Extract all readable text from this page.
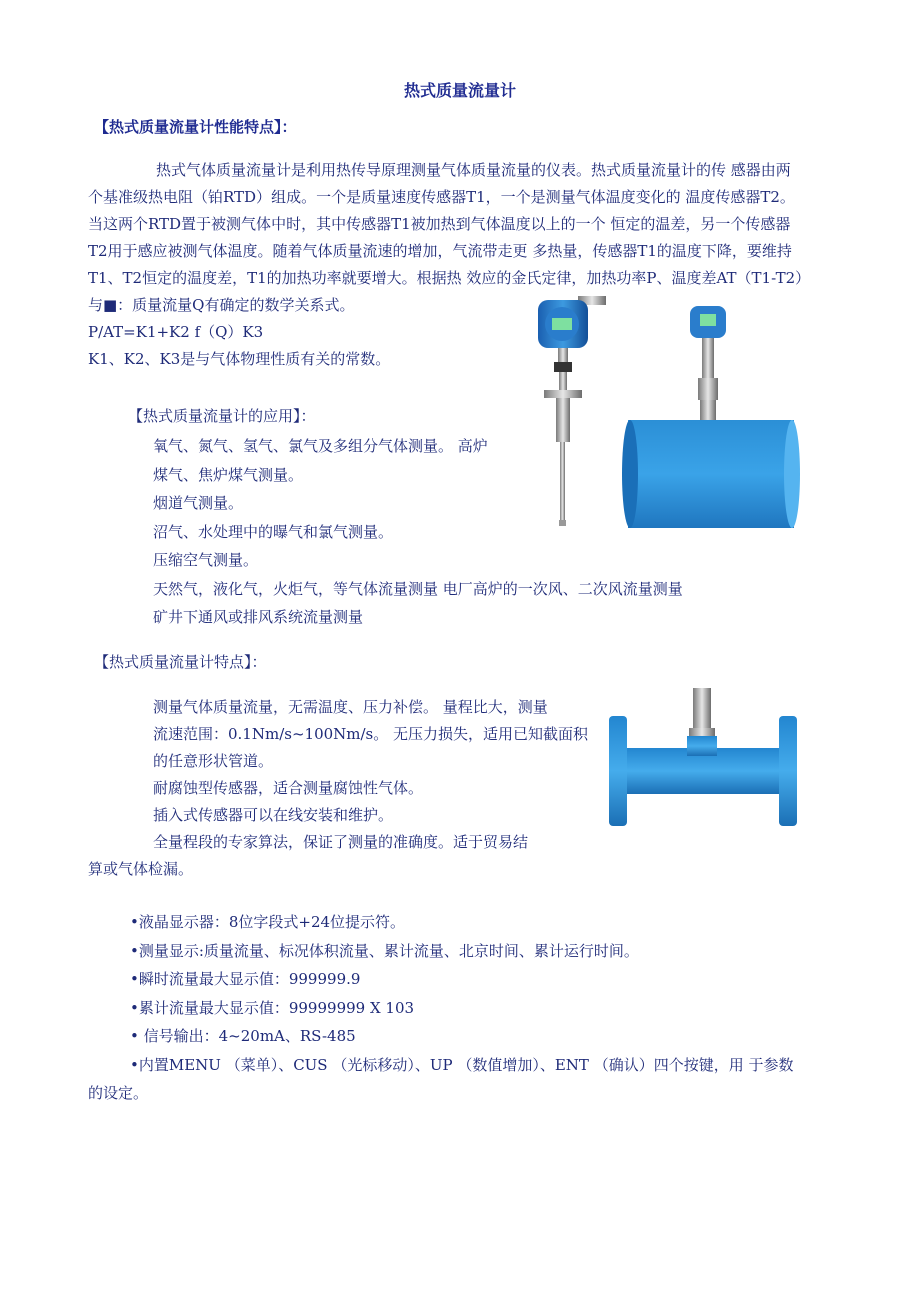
热式质量流量计
【热式质量流量计性能特点】：
热式气体质量流量计是利用热传导原理测量气体质量流量的仪表。热式质量流量计的传 感器由两
个基准级热电阻（铂RTD）组成。一个是质量速度传感器T1，一个是测量气体温度变化的 温度传感器T2。
当这两个RTD置于被测气体中时，其中传感器T1被加热到气体温度以上的一个 恒定的温差，另一个传感器
T2用于感应被测气体温度。随着气体质量流速的增加，气流带走更 多热量，传感器T1的温度下降，要维持
T1、T2恒定的温度差，T1的加热功率就要增大。根据热 效应的金氏定律，加热功率P、温度差AT（T1-T2）
与■：质量流量Q有确定的数学关系式。
P/AT=K1+K2 f（Q）K3
K1、K2、K3是与气体物理性质有关的常数。
【热式质量流量计的应用】：
氧气、氮气、氢气、氯气及多组分气体测量。 高炉
煤气、焦炉煤气测量。
烟道气测量。
沼气、水处理中的曝气和氯气测量。
压缩空气测量。
天然气，液化气，火炬气，等气体流量测量 电厂高炉的一次风、二次风流量测量
矿井下通风或排风系统流量测量
【热式质量流量计特点】：
测量气体质量流量，无需温度、压力补偿。 量程比大，测量
流速范围：0.1Nm/s~100Nm/s。 无压力损失，适用已知截面积
的任意形状管道。
耐腐蚀型传感器，适合测量腐蚀性气体。
插入式传感器可以在线安装和维护。
全量程段的专家算法，保证了测量的准确度。适于贸易结
算或气体检漏。
•液晶显示器：8位字段式+24位提示符。
•测量显示:质量流量、标况体积流量、累计流量、北京时间、累计运行时间。
•瞬时流量最大显示值：999999.9
•累计流量最大显示值：99999999 X 103
• 信号输出：4~20mA、RS-485
•内置MENU （菜单）、CUS （光标移动）、UP （数值增加）、ENT （确认）四个按键，用 于参数
的设定。
